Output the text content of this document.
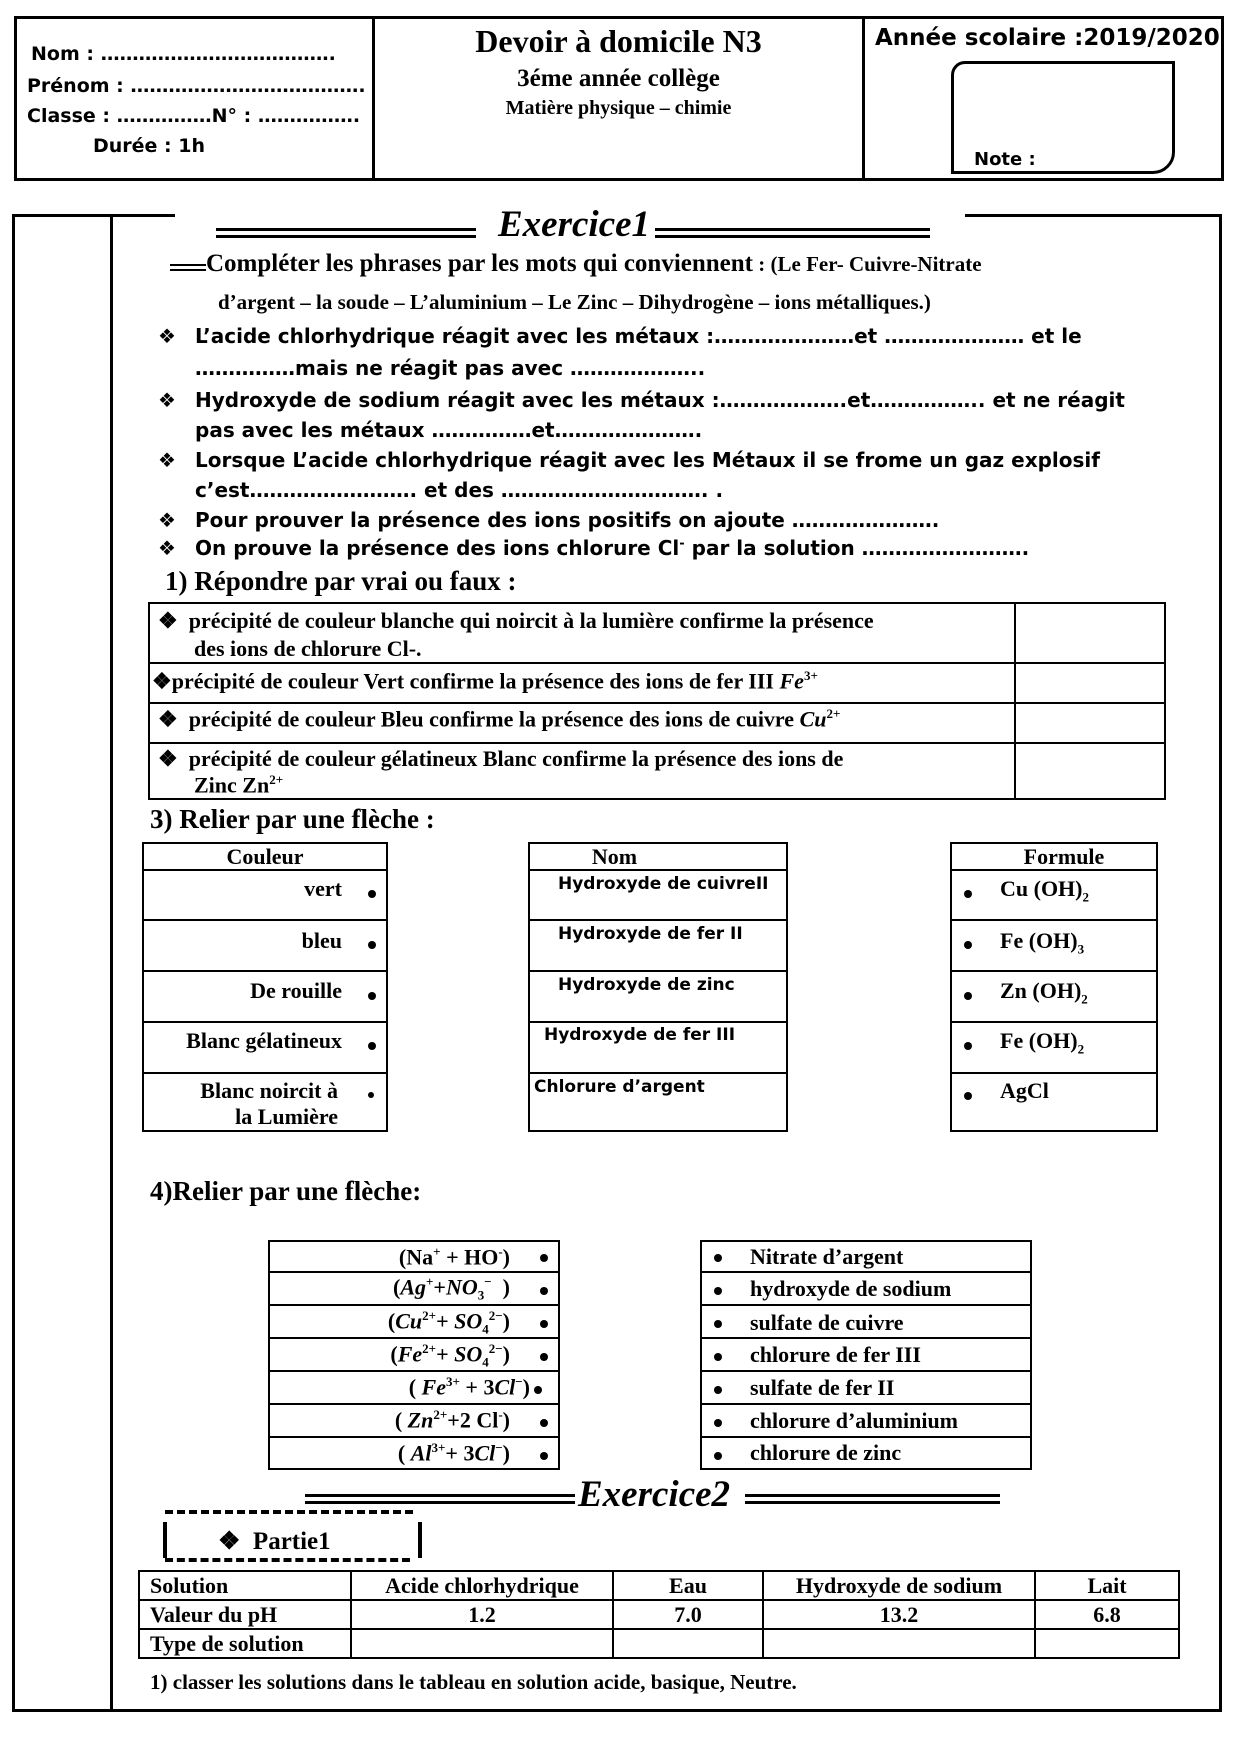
Nom : ……………………………….
Prénom : ……………………………….
Classe : ……………N° : …………….
Durée : 1h
Devoir à domicile N3
3éme année collège
Matière physique – chimie
Année scolaire :2019/2020
Note :
Exercice1
Compléter les phrases par les mots qui conviennent : (Le Fer- Cuivre-Nitrate
d’argent – la soude – L’aluminium – Le Zinc – Dihydrogène – ions métalliques.)
❖ L’acide chlorhydrique réagit avec les métaux :…………………et ………………… et le
……………mais ne réagit pas avec ………………..
❖ Hydroxyde de sodium réagit avec les métaux :……………….et…………….. et ne réagit
pas avec les métaux ……………et………………….
❖ Lorsque L’acide chlorhydrique réagit avec les Métaux il se frome un gaz explosif
c’est……………………. et des …………………………. .
❖ Pour prouver la présence des ions positifs on ajoute ………………….
❖ On prouve la présence des ions chlorure Cl- par la solution …………………….
1) Répondre par vrai ou faux :
❖ précipité de couleur blanche qui noircit à la lumière confirme la présence
des ions de chlorure Cl-.
❖précipité de couleur Vert confirme la présence des ions de fer III $Fe^{3+}$
❖ précipité de couleur Bleu confirme la présence des ions de cuivre $Cu^{2+}$
❖ précipité de couleur gélatineux Blanc confirme la présence des ions de
Zinc $Zn^{2+}$
3) Relier par une flèche :
Couleur
vert
bleu
De rouille
Blanc gélatineux
Blanc noircit à
la Lumière
Nom
Hydroxyde de cuivreII
Hydroxyde de fer II
Hydroxyde de zinc
Hydroxyde de fer III
Chlorure d’argent
Formule
Cu $(OH)_2$
Fe $(OH)_3$
Zn $(OH)_2$
Fe $(OH)_2$
AgCl
4)Relier par une flèche:
(Na+ + HO-)
($Ag^++NO_3^-$  )
$(Cu^{2+}+ SO_4^{2-})$
$(Fe^{2+}+ SO_4^{2-})$
( $Fe^{3+} + 3Cl^-$)
( $Zn^{2+}+2$ Cl-)
( $Al^{3+}+ 3Cl^-$)
Nitrate d’argent
hydroxyde de sodium
sulfate de cuivre
chlorure de fer III
sulfate de fer II
chlorure d’aluminium
chlorure de zinc
Exercice2
❖ Partie1
Solution	Acide chlorhydrique	Eau	Hydroxyde de sodium	Lait
Valeur du pH	1.2	7.0	13.2	6.8
Type de solution				
1) classer les solutions dans le tableau en solution acide, basique, Neutre.
